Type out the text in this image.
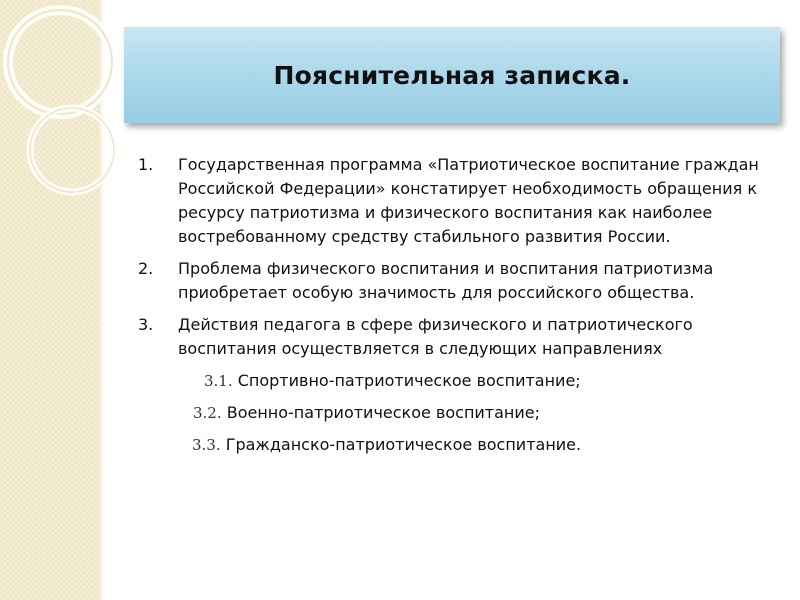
Пояснительная записка.
1. Государственная программа «Патриотическое воспитание граждан Российской Федерации» констатирует необходимость обращения к ресурсу патриотизма и физического воспитания как наиболее востребованному средству стабильного развития России.
2. Проблема физического воспитания и воспитания патриотизма приобретает особую значимость для российского общества.
3. Действия педагога в сфере физического и патриотического воспитания осуществляется в следующих направлениях
3.1. Спортивно-патриотическое воспитание;
3.2. Военно-патриотическое воспитание;
3.3. Гражданско-патриотическое воспитание.
